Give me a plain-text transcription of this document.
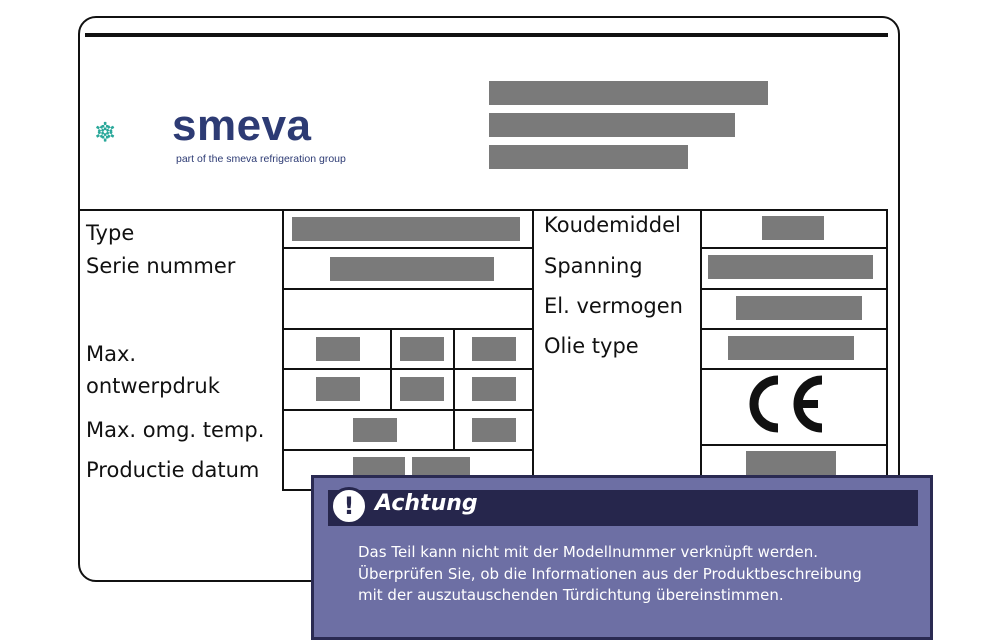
smeva
part of the smeva refrigeration group
Type
Serie nummer
Max.
ontwerpdruk
Max. omg. temp.
Productie datum
Koudemiddel
Spanning
El. vermogen
Olie type
! Achtung
Das Teil kann nicht mit der Modellnummer verknüpft werden.
Überprüfen Sie, ob die Informationen aus der Produktbeschreibung
mit der auszutauschenden Türdichtung übereinstimmen.
